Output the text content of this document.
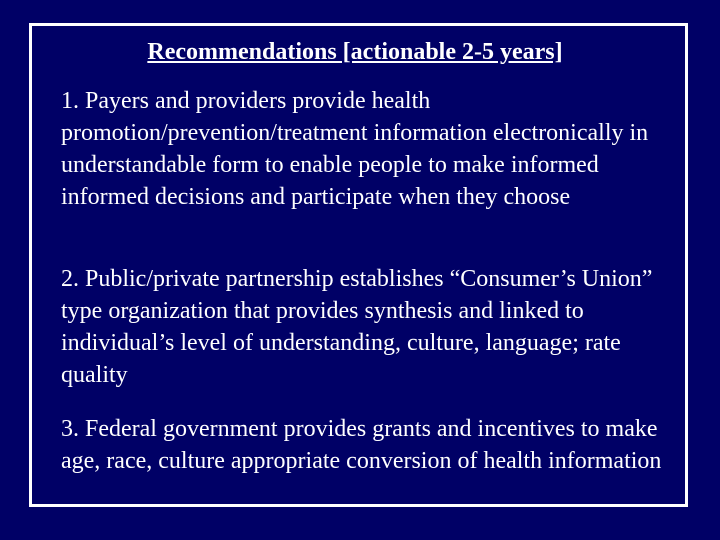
Recommendations [actionable 2-5 years]

1. Payers and providers provide health promotion/prevention/treatment information electronically in understandable form to enable people to make informed informed decisions and participate when they choose

2. Public/private partnership establishes “Consumer’s Union” type organization that provides synthesis and linked to individual’s level of understanding, culture, language; rate quality

3. Federal government provides grants and incentives to make age, race, culture appropriate conversion of health information
